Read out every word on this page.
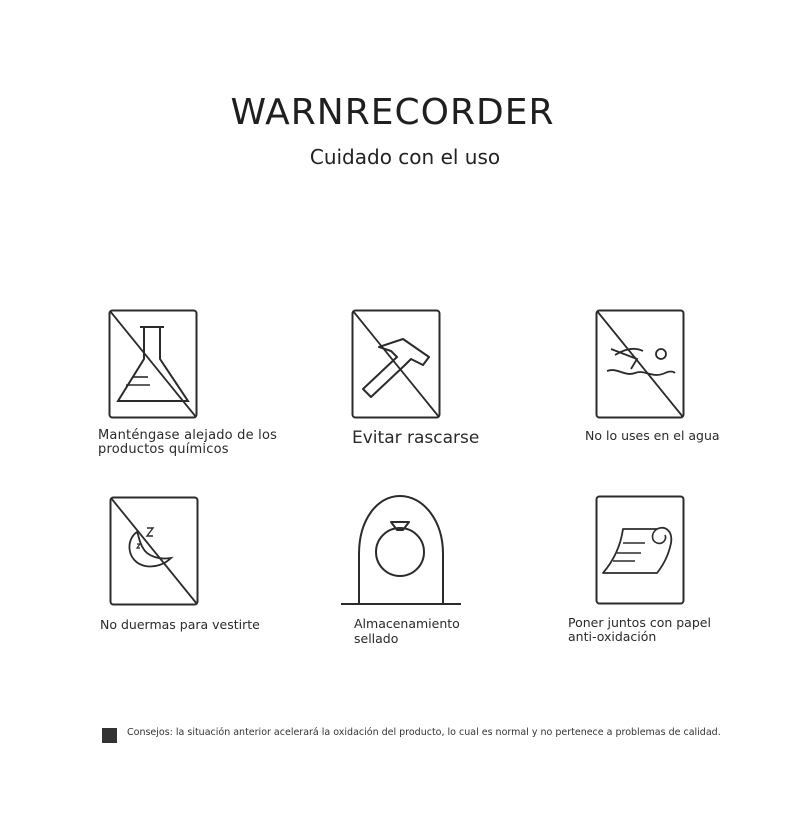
WARNRECORDER
Cuidado con el uso
Manténgase alejado de los
productos químicos
Evitar rascarse	No lo uses en el agua
No duermas para vestirte	Almacenamiento
sellado
Poner juntos con papel
anti-oxidación
Consejos: la situación anterior acelerará la oxidación del producto, lo cual es normal y no pertenece a problemas de calidad.
